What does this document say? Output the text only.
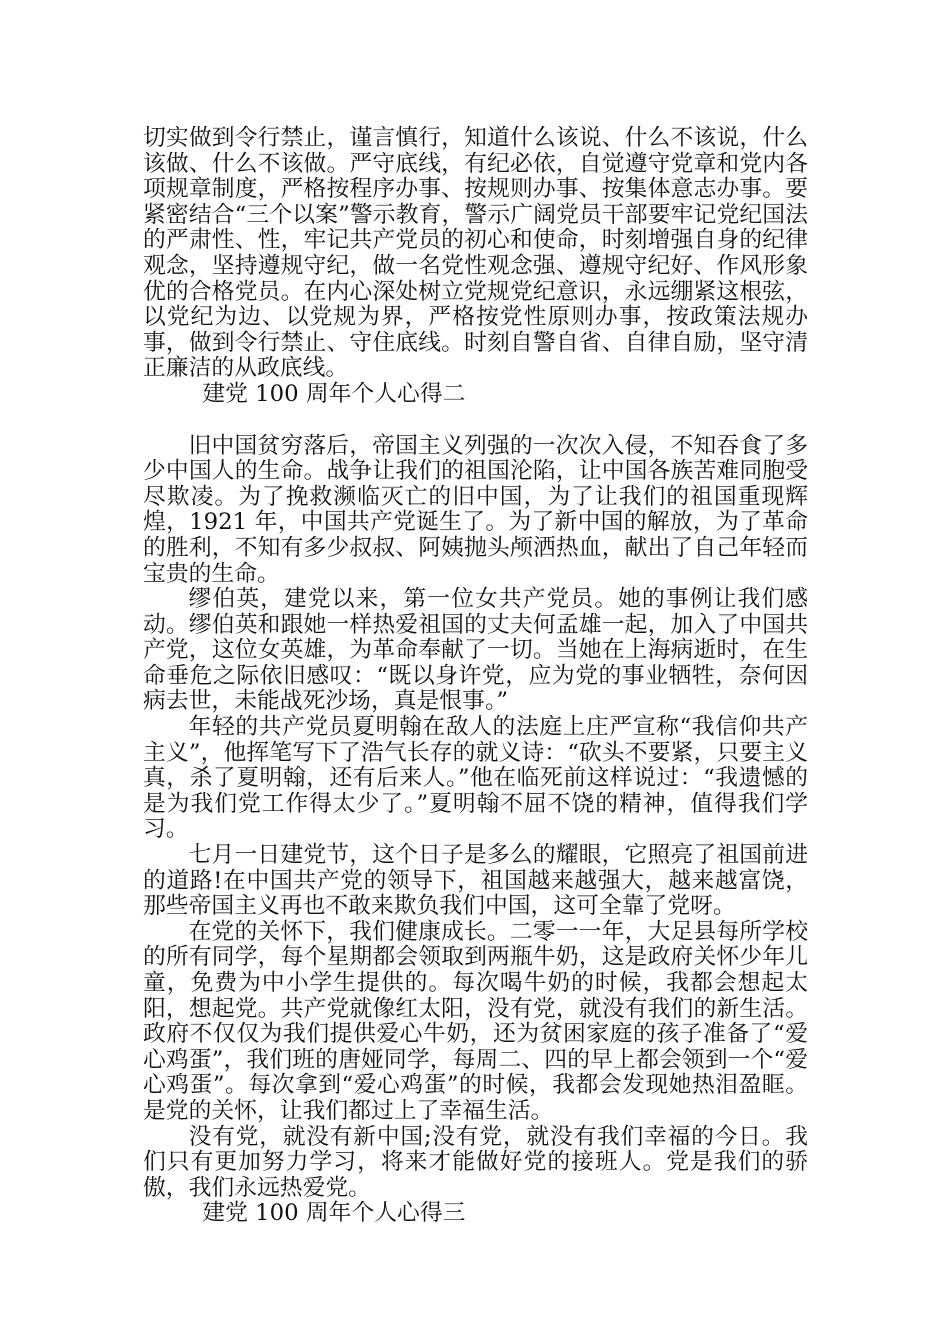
切实做到令行禁止，谨言慎行，知道什么该说、什么不该说，什么该做、什么不该做。严守底线，有纪必依，自觉遵守党章和党内各项规章制度，严格按程序办事、按规则办事、按集体意志办事。要紧密结合“三个以案”警示教育，警示广阔党员干部要牢记党纪国法的严肃性、性，牢记共产党员的初心和使命，时刻增强自身的纪律观念，坚持遵规守纪，做一名党性观念强、遵规守纪好、作风形象优的合格党员。在内心深处树立党规党纪意识，永远绷紧这根弦，以党纪为边、以党规为界，严格按党性原则办事，按政策法规办事，做到令行禁止、守住底线。时刻自警自省、自律自励，坚守清正廉洁的从政底线。

建党 100 周年个人心得二

旧中国贫穷落后，帝国主义列强的一次次入侵，不知吞食了多少中国人的生命。战争让我们的祖国沦陷，让中国各族苦难同胞受尽欺凌。为了挽救濒临灭亡的旧中国，为了让我们的祖国重现辉煌，1921 年，中国共产党诞生了。为了新中国的解放，为了革命的胜利，不知有多少叔叔、阿姨抛头颅洒热血，献出了自己年轻而宝贵的生命。

缪伯英，建党以来，第一位女共产党员。她的事例让我们感动。缪伯英和跟她一样热爱祖国的丈夫何孟雄一起，加入了中国共产党，这位女英雄，为革命奉献了一切。当她在上海病逝时，在生命垂危之际依旧感叹：“既以身许党，应为党的事业牺牲，奈何因病去世，未能战死沙场，真是恨事。”

年轻的共产党员夏明翰在敌人的法庭上庄严宣称“我信仰共产主义”，他挥笔写下了浩气长存的就义诗：“砍头不要紧，只要主义真，杀了夏明翰，还有后来人。”他在临死前这样说过：“我遗憾的是为我们党工作得太少了。”夏明翰不屈不饶的精神，值得我们学习。

七月一日建党节，这个日子是多么的耀眼，它照亮了祖国前进的道路!在中国共产党的领导下，祖国越来越强大，越来越富饶，那些帝国主义再也不敢来欺负我们中国，这可全靠了党呀。

在党的关怀下，我们健康成长。二零一一年，大足县每所学校的所有同学，每个星期都会领取到两瓶牛奶，这是政府关怀少年儿童，免费为中小学生提供的。每次喝牛奶的时候，我都会想起太阳，想起党。共产党就像红太阳，没有党，就没有我们的新生活。政府不仅仅为我们提供爱心牛奶，还为贫困家庭的孩子准备了“爱心鸡蛋”，我们班的唐娅同学，每周二、四的早上都会领到一个“爱心鸡蛋”。每次拿到“爱心鸡蛋”的时候，我都会发现她热泪盈眶。是党的关怀，让我们都过上了幸福生活。

没有党，就没有新中国;没有党，就没有我们幸福的今日。我们只有更加努力学习，将来才能做好党的接班人。党是我们的骄傲，我们永远热爱党。

建党 100 周年个人心得三
